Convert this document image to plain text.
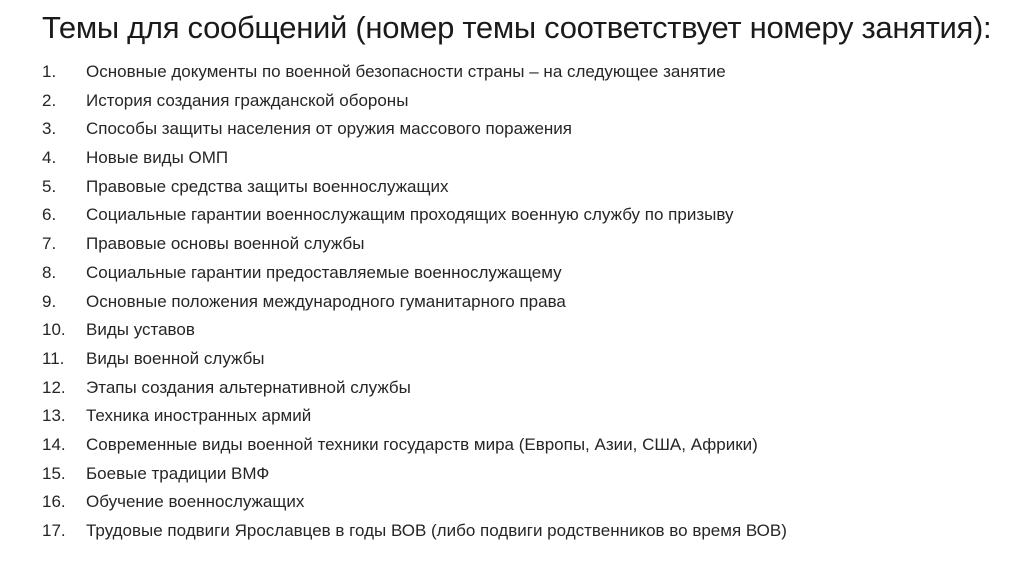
Темы для сообщений (номер темы соответствует номеру занятия):
1.	Основные документы по военной безопасности страны – на следующее занятие
2.	История создания гражданской обороны
3.	Способы защиты населения от оружия массового поражения
4.	Новые виды ОМП
5.	Правовые средства защиты военнослужащих
6.	Социальные гарантии военнослужащим проходящих военную службу по призыву
7.	Правовые основы военной службы
8.	Социальные гарантии предоставляемые военнослужащему
9.	Основные положения международного гуманитарного права
10.	Виды уставов
11.	Виды военной службы
12.	Этапы создания альтернативной службы
13.	Техника иностранных армий
14.	Современные виды военной техники государств мира (Европы, Азии, США, Африки)
15.	Боевые традиции ВМФ
16.	Обучение военнослужащих
17.	Трудовые подвиги Ярославцев в годы ВОВ (либо подвиги родственников во время ВОВ)
